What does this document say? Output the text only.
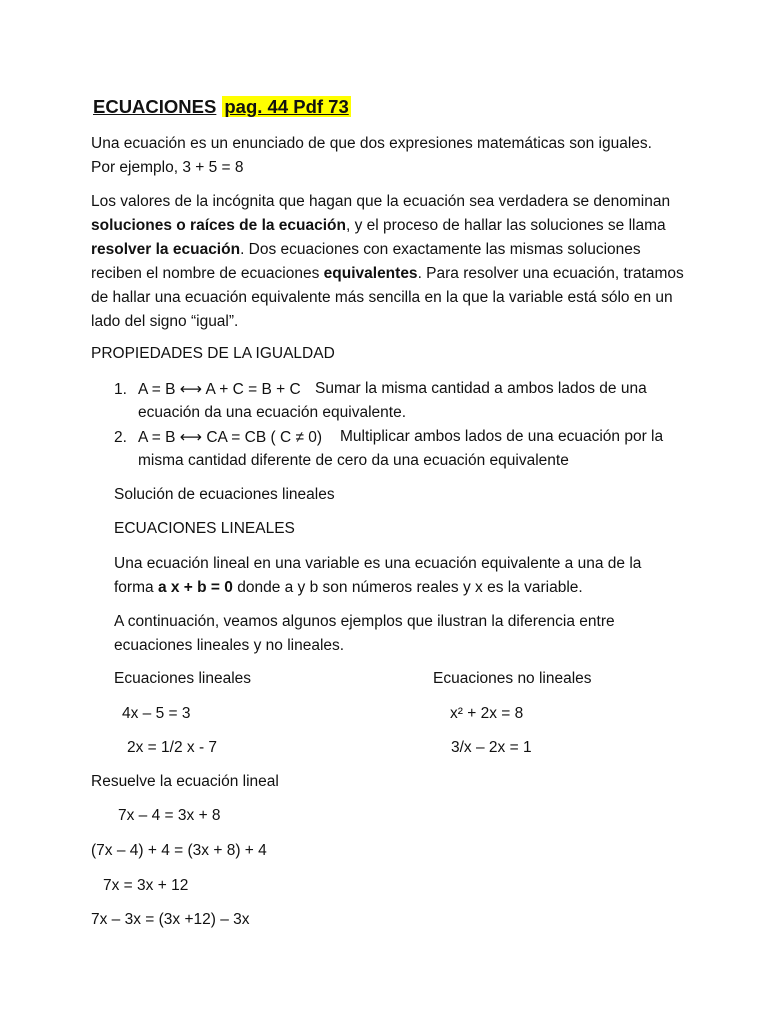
ECUACIONES pag. 44 Pdf 73
Una ecuación es un enunciado de que dos expresiones matemáticas son iguales.
Por ejemplo, 3 + 5 = 8
Los valores de la incógnita que hagan que la ecuación sea verdadera se denominan soluciones o raíces de la ecuación, y el proceso de hallar las soluciones se llama resolver la ecuación. Dos ecuaciones con exactamente las mismas soluciones reciben el nombre de ecuaciones equivalentes. Para resolver una ecuación, tratamos de hallar una ecuación equivalente más sencilla en la que la variable está sólo en un lado del signo “igual”.
PROPIEDADES DE LA IGUALDAD
1. A = B ⟷ A + C = B + C Sumar la misma cantidad a ambos lados de una
ecuación da una ecuación equivalente.
2. A = B ⟷ CA = CB ( C ≠ 0) Multiplicar ambos lados de una ecuación por la
misma cantidad diferente de cero da una ecuación equivalente
Solución de ecuaciones lineales
ECUACIONES LINEALES
Una ecuación lineal en una variable es una ecuación equivalente a una de la
forma a x + b = 0 donde a y b son números reales y x es la variable.
A continuación, veamos algunos ejemplos que ilustran la diferencia entre
ecuaciones lineales y no lineales.
Ecuaciones lineales	Ecuaciones no lineales
4x – 5 = 3	x² + 2x = 8
2x = 1/2 x - 7	3/x – 2x = 1
Resuelve la ecuación lineal
7x – 4 = 3x + 8
(7x – 4) + 4 = (3x + 8) + 4
7x = 3x + 12
7x – 3x = (3x +12) – 3x
